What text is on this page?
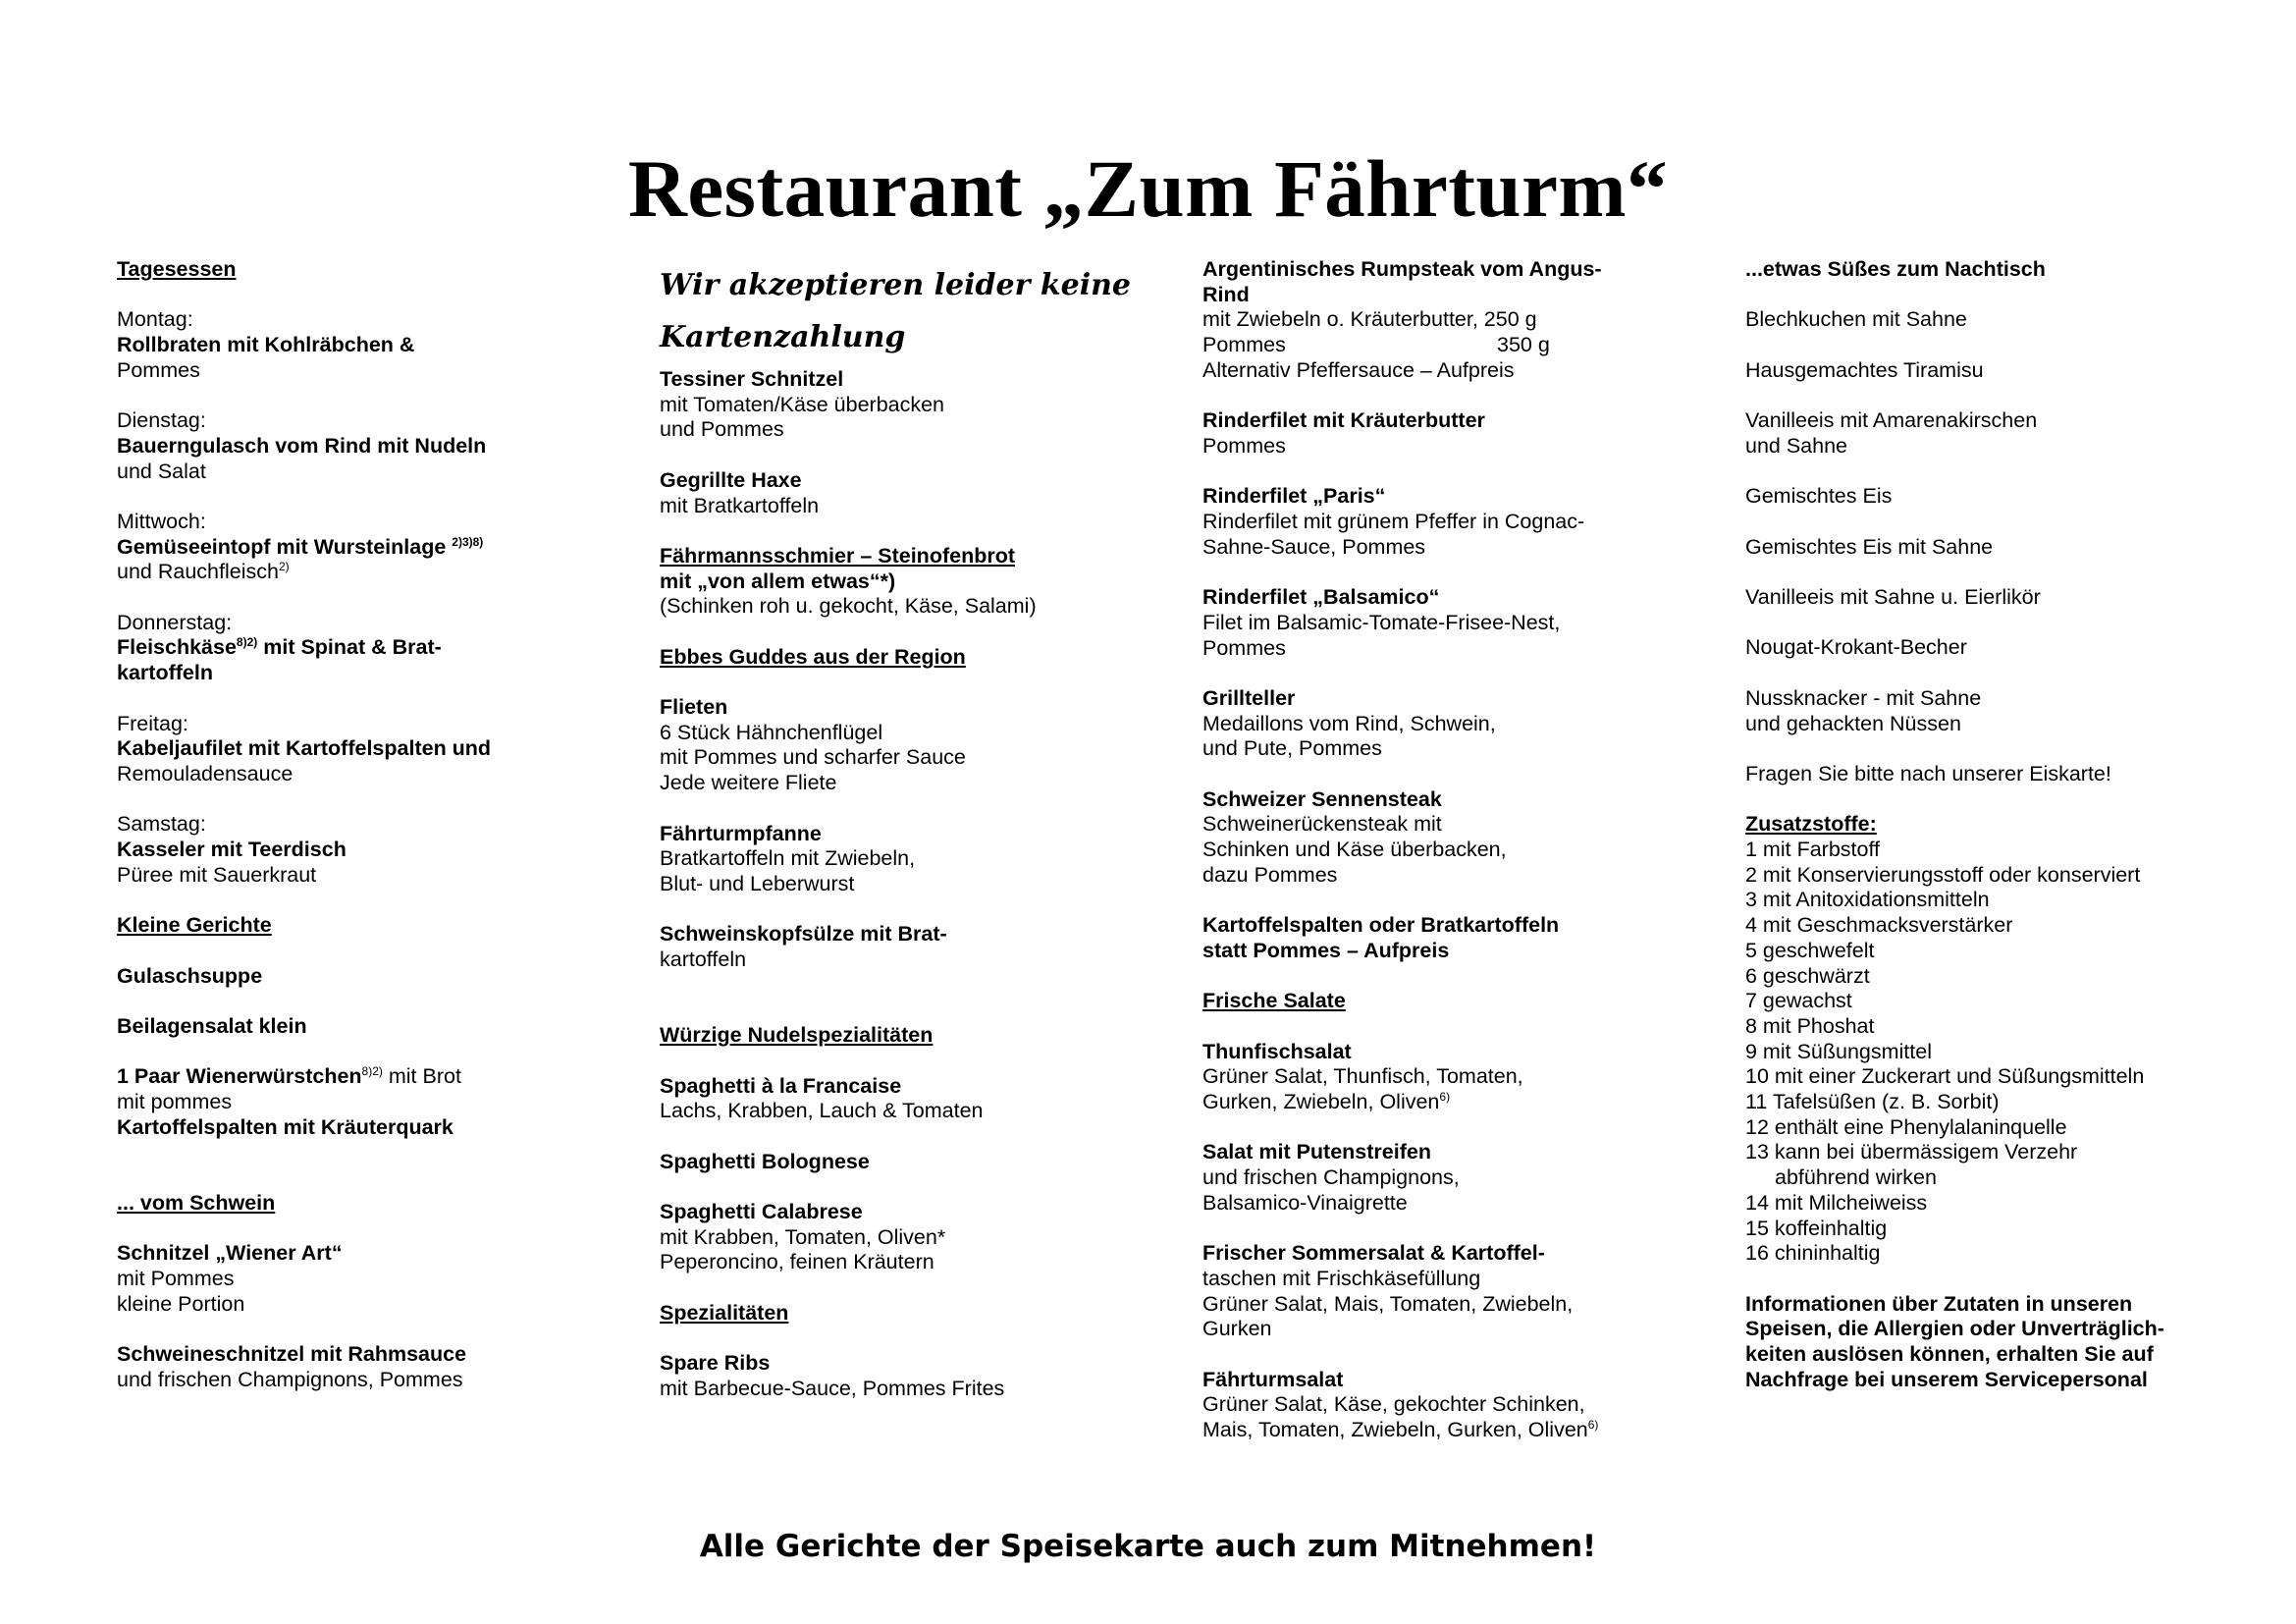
Restaurant „Zum Fährturm“
Tagesessen
Montag:
Rollbraten mit Kohlräbchen &
Pommes
Dienstag:
Bauerngulasch vom Rind mit Nudeln
und Salat
Mittwoch:
Gemüseeintopf mit Wursteinlage $^{2)3)8)}$
und Rauchfleisch$^{2)}$
Donnerstag:
Fleischkäse$^{8)2)}$ mit Spinat & Brat-
kartoffeln
Freitag:
Kabeljaufilet mit Kartoffelspalten und
Remouladensauce
Samstag:
Kasseler mit Teerdisch
Püree mit Sauerkraut
Kleine Gerichte
Gulaschsuppe
Beilagensalat klein
1 Paar Wienerwürstchen$^{8)2)}$ mit Brot
mit pommes
Kartoffelspalten mit Kräuterquark
... vom Schwein
Schnitzel „Wiener Art“
mit Pommes
kleine Portion
Schweineschnitzel mit Rahmsauce
und frischen Champignons, Pommes
Wir akzeptieren leider keine
Kartenzahlung
Tessiner Schnitzel
mit Tomaten/Käse überbacken
und Pommes
Gegrillte Haxe
mit Bratkartoffeln
Fährmannsschmier – Steinofenbrot
mit „von allem etwas“*)
(Schinken roh u. gekocht, Käse, Salami)
Ebbes Guddes aus der Region
Flieten
6 Stück Hähnchenflügel
mit Pommes und scharfer Sauce
Jede weitere Fliete
Fährturmpfanne
Bratkartoffeln mit Zwiebeln,
Blut- und Leberwurst
Schweinskopfsülze mit Brat-
kartoffeln
Würzige Nudelspezialitäten
Spaghetti à la Francaise
Lachs, Krabben, Lauch & Tomaten
Spaghetti Bolognese
Spaghetti Calabrese
mit Krabben, Tomaten, Oliven*
Peperoncino, feinen Kräutern
Spezialitäten
Spare Ribs
mit Barbecue-Sauce, Pommes Frites
Argentinisches Rumpsteak vom Angus-
Rind
mit Zwiebeln o. Kräuterbutter, 250 g
Pommes	350 g
Alternativ Pfeffersauce – Aufpreis
Rinderfilet mit Kräuterbutter
Pommes
Rinderfilet „Paris“
Rinderfilet mit grünem Pfeffer in Cognac-
Sahne-Sauce, Pommes
Rinderfilet „Balsamico“
Filet im Balsamic-Tomate-Frisee-Nest,
Pommes
Grillteller
Medaillons vom Rind, Schwein,
und Pute, Pommes
Schweizer Sennensteak
Schweinerückensteak mit
Schinken und Käse überbacken,
dazu Pommes
Kartoffelspalten oder Bratkartoffeln
statt Pommes – Aufpreis
Frische Salate
Thunfischsalat
Grüner Salat, Thunfisch, Tomaten,
Gurken, Zwiebeln, Oliven$^{6)}$
Salat mit Putenstreifen
und frischen Champignons,
Balsamico-Vinaigrette
Frischer Sommersalat & Kartoffel-
taschen mit Frischkäsefüllung
Grüner Salat, Mais, Tomaten, Zwiebeln,
Gurken
Fährturmsalat
Grüner Salat, Käse, gekochter Schinken,
Mais, Tomaten, Zwiebeln, Gurken, Oliven$^{6)}$
...etwas Süßes zum Nachtisch
Blechkuchen mit Sahne
Hausgemachtes Tiramisu
Vanilleeis mit Amarenakirschen
und Sahne
Gemischtes Eis
Gemischtes Eis mit Sahne
Vanilleeis mit Sahne u. Eierlikör
Nougat-Krokant-Becher
Nussknacker - mit Sahne
und gehackten Nüssen
Fragen Sie bitte nach unserer Eiskarte!
Zusatzstoffe:
1 mit Farbstoff
2 mit Konservierungsstoff oder konserviert
3 mit Anitoxidationsmitteln
4 mit Geschmacksverstärker
5 geschwefelt
6 geschwärzt
7 gewachst
8 mit Phoshat
9 mit Süßungsmittel
10 mit einer Zuckerart und Süßungsmitteln
11 Tafelsüßen (z. B. Sorbit)
12 enthält eine Phenylalaninquelle
13 kann bei übermässigem Verzehr
abführend wirken
14 mit Milcheiweiss
15 koffeinhaltig
16 chininhaltig
Informationen über Zutaten in unseren
Speisen, die Allergien oder Unverträglich-
keiten auslösen können, erhalten Sie auf
Nachfrage bei unserem Servicepersonal
Alle Gerichte der Speisekarte auch zum Mitnehmen!
